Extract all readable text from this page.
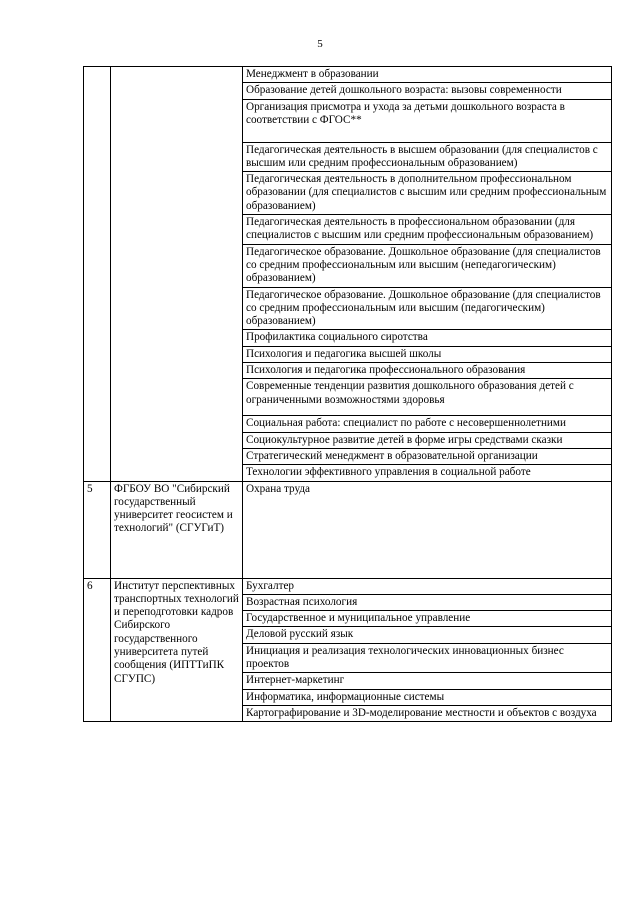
5
		Менеджмент в образовании
		Образование детей дошкольного возраста: вызовы современности
		Организация присмотра и ухода за детьми дошкольного возраста в соответствии с ФГОС**
		Педагогическая деятельность в высшем образовании (для специалистов с высшим или средним профессиональным образованием)
		Педагогическая деятельность в дополнительном профессиональном образовании (для специалистов с высшим или средним профессиональным образованием)
		Педагогическая деятельность в профессиональном образовании (для специалистов с высшим или средним профессиональным образованием)
		Педагогическое образование. Дошкольное образование (для специалистов со средним профессиональным или высшим (непедагогическим) образованием)
		Педагогическое образование. Дошкольное образование (для специалистов со средним профессиональным или высшим (педагогическим) образованием)
		Профилактика социального сиротства
		Психология и педагогика высшей школы
		Психология и педагогика профессионального образования
		Современные тенденции развития дошкольного образования детей с ограниченными возможностями здоровья
		Социальная работа: специалист по работе с несовершеннолетними
		Социокультурное развитие детей в форме игры средствами сказки
		Стратегический менеджмент в образовательной организации
		Технологии эффективного управления в социальной работе
5	ФГБОУ ВО "Сибирский государственный университет геосистем и технологий" (СГУГиТ)	Охрана труда
6	Институт перспективных транспортных технологий и переподготовки кадров Сибирского государственного университета путей сообщения (ИПТТиПК СГУПС)	Бухгалтер
		Возрастная психология
		Государственное и муниципальное управление
		Деловой русский язык
		Инициация и реализация технологических инновационных бизнес проектов
		Интернет-маркетинг
		Информатика, информационные системы
		Картографирование и 3D-моделирование местности и объектов с воздуха
